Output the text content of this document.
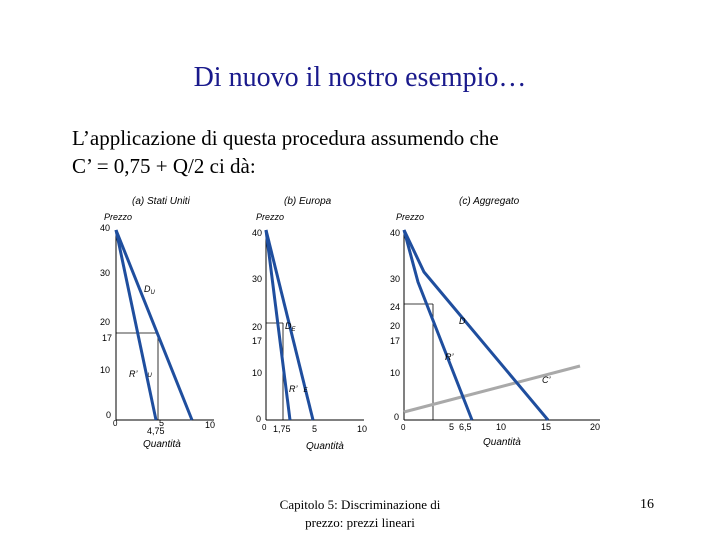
Di nuovo il nostro esempio…
L’applicazione di questa procedura assumendo che
C’ = 0,75 + Q/2 ci dà:
(a) Stati Uniti
Prezzo
40
30
20
17
10
0
0
4,75
5	10
Quantità
$D_U$
R’ U
(b) Europa
Prezzo
40
30
20
17
10
0
0 1,75 5	10
Quantità
$D_E$
R’ E
(c) Aggregato
Prezzo
40
30
24
20
17
10
0
0	5 6,5	10	15	20
Quantità
D
R’
C’
Capitolo 5: Discriminazione di
prezzo: prezzi lineari
16
